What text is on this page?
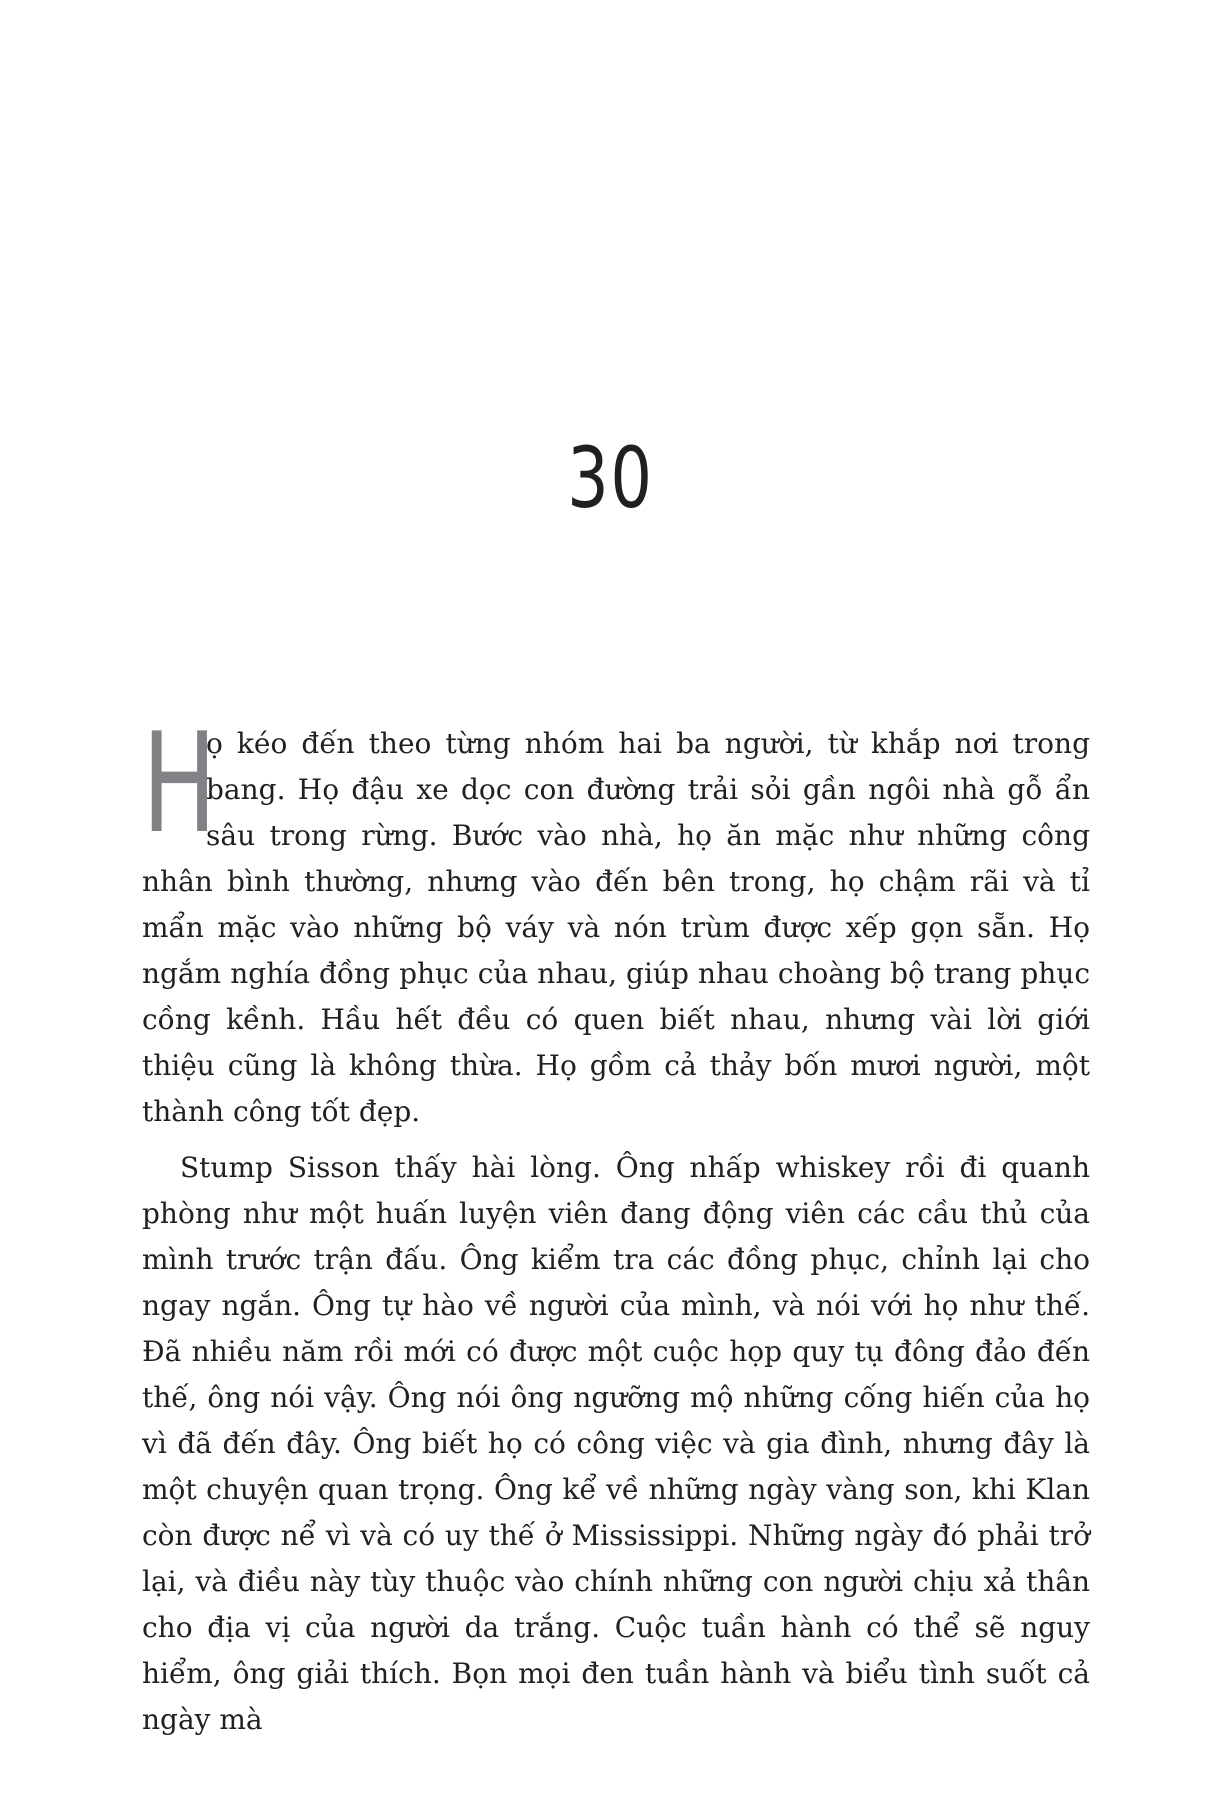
30

H
ọ kéo đến theo từng nhóm hai ba người, từ khắp nơi trong bang. Họ đậu xe dọc con đường trải sỏi gần ngôi nhà gỗ ẩn sâu trong rừng. Bước vào nhà, họ ăn mặc như những công nhân bình thường, nhưng vào đến bên trong, họ chậm rãi và tỉ mẩn mặc vào những bộ váy và nón trùm được xếp gọn sẵn. Họ ngắm nghía đồng phục của nhau, giúp nhau choàng bộ trang phục cồng kềnh. Hầu hết đều có quen biết nhau, nhưng vài lời giới thiệu cũng là không thừa. Họ gồm cả thảy bốn mươi người, một thành công tốt đẹp.

Stump Sisson thấy hài lòng. Ông nhấp whiskey rồi đi quanh phòng như một huấn luyện viên đang động viên các cầu thủ của mình trước trận đấu. Ông kiểm tra các đồng phục, chỉnh lại cho ngay ngắn. Ông tự hào về người của mình, và nói với họ như thế. Đã nhiều năm rồi mới có được một cuộc họp quy tụ đông đảo đến thế, ông nói vậy. Ông nói ông ngưỡng mộ những cống hiến của họ vì đã đến đây. Ông biết họ có công việc và gia đình, nhưng đây là một chuyện quan trọng. Ông kể về những ngày vàng son, khi Klan còn được nể vì và có uy thế ở Mississippi. Những ngày đó phải trở lại, và điều này tùy thuộc vào chính những con người chịu xả thân cho địa vị của người da trắng. Cuộc tuần hành có thể sẽ nguy hiểm, ông giải thích. Bọn mọi đen tuần hành và biểu tình suốt cả ngày mà
